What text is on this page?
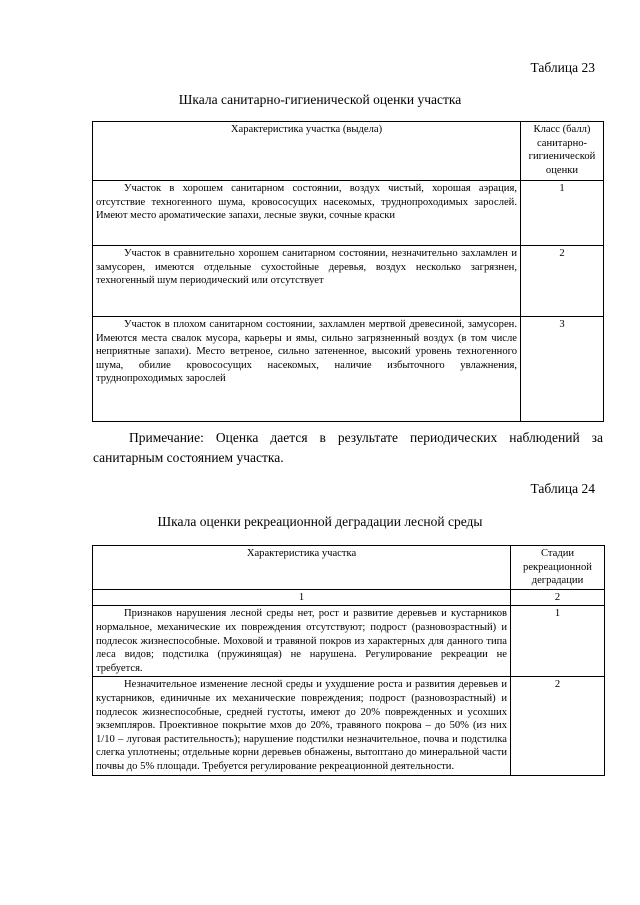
Таблица 23
Шкала санитарно-гигиенической оценки участка
Характеристика участка (выдела)	Класс (балл) санитарно-гигиенической оценки
Участок в хорошем санитарном состоянии, воздух чистый, хорошая аэрация, отсутствие техногенного шума, кровососущих насекомых, труднопроходимых зарослей. Имеют место ароматические запахи, лесные звуки, сочные краски	1
Участок в сравнительно хорошем санитарном состоянии, незначительно захламлен и замусорен, имеются отдельные сухостойные деревья, воздух несколько загрязнен, техногенный шум периодический или отсутствует	2
Участок в плохом санитарном состоянии, захламлен мертвой древесиной, замусорен. Имеются места свалок мусора, карьеры и ямы, сильно загрязненный воздух (в том числе неприятные запахи). Место ветреное, сильно затененное, высокий уровень техногенного шума, обилие кровососущих насекомых, наличие избыточного увлажнения, труднопроходимых зарослей	3
Примечание: Оценка дается в результате периодических наблюдений за санитарным состоянием участка.
Таблица 24
Шкала оценки рекреационной деградации лесной среды
Характеристика участка	Стадии рекреационной деградации
1	2
Признаков нарушения лесной среды нет, рост и развитие деревьев и кустарников нормальное, механические их повреждения отсутствуют; подрост (разновозрастный) и подлесок жизнеспособные. Моховой и травяной покров из характерных для данного типа леса видов; подстилка (пружинящая) не нарушена. Регулирование рекреации не требуется.	1
Незначительное изменение лесной среды и ухудшение роста и развития деревьев и кустарников, единичные их механические повреждения; подрост (разновозрастный) и подлесок жизнеспособные, средней густоты, имеют до 20% поврежденных и усохших экземпляров. Проективное покрытие мхов до 20%, травяного покрова – до 50% (из них 1/10 – луговая растительность); нарушение подстилки незначительное, почва и подстилка слегка уплотнены; отдельные корни деревьев обнажены, вытоптано до минеральной части почвы до 5% площади. Требуется регулирование рекреационной деятельности.	2
